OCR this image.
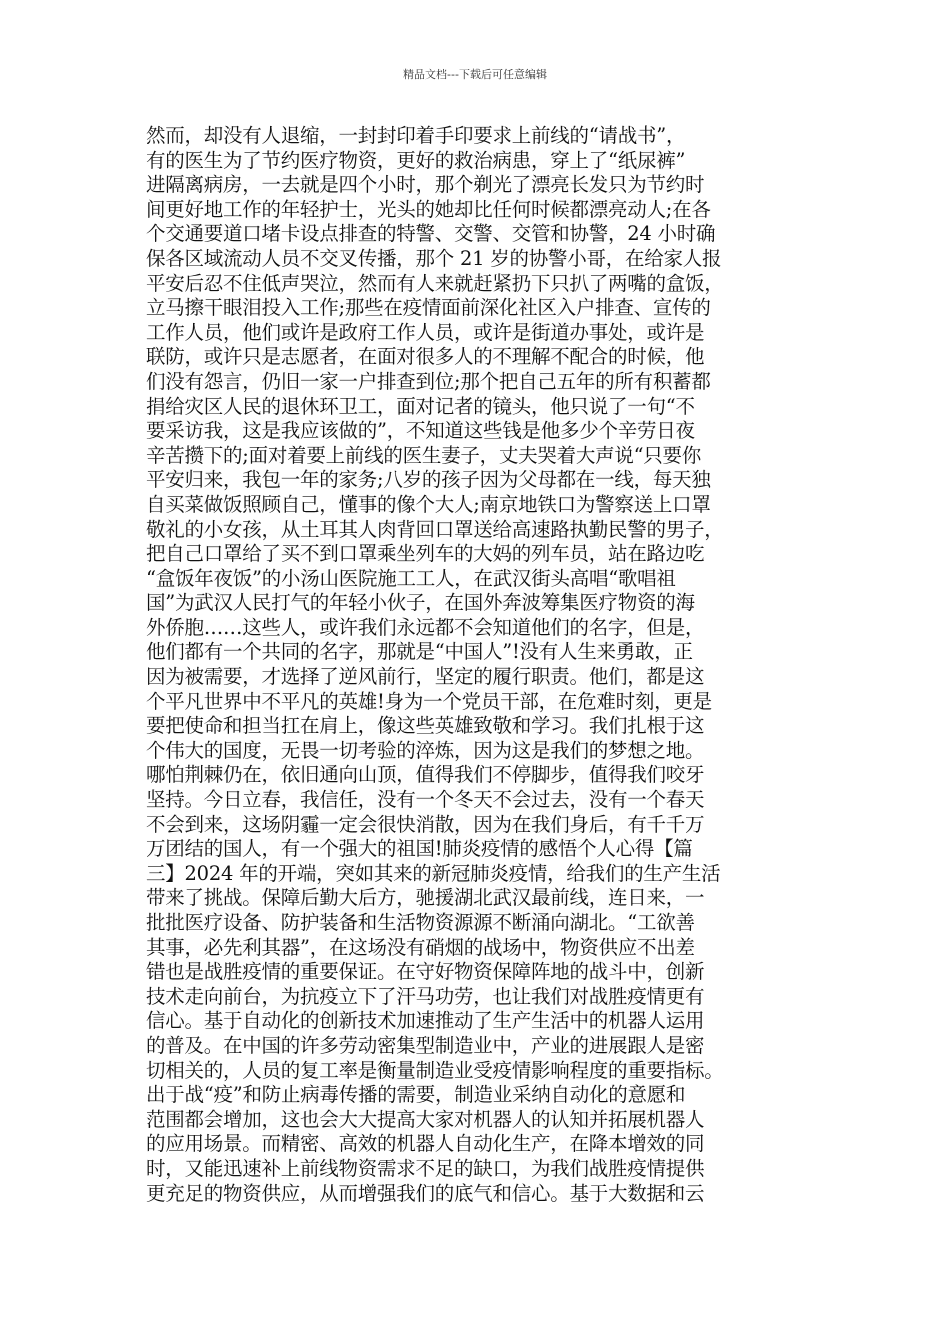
精品文档---下载后可任意编辑
然而，却没有人退缩，一封封印着手印要求上前线的“请战书”，
有的医生为了节约医疗物资，更好的救治病患，穿上了“纸尿裤”
进隔离病房，一去就是四个小时，那个剃光了漂亮长发只为节约时
间更好地工作的年轻护士，光头的她却比任何时候都漂亮动人;在各
个交通要道口堵卡设点排查的特警、交警、交管和协警，24 小时确
保各区域流动人员不交叉传播，那个 21 岁的协警小哥，在给家人报
平安后忍不住低声哭泣，然而有人来就赶紧扔下只扒了两嘴的盒饭，
立马擦干眼泪投入工作;那些在疫情面前深化社区入户排查、宣传的
工作人员，他们或许是政府工作人员，或许是街道办事处，或许是
联防，或许只是志愿者，在面对很多人的不理解不配合的时候，他
们没有怨言，仍旧一家一户排查到位;那个把自己五年的所有积蓄都
捐给灾区人民的退休环卫工，面对记者的镜头，他只说了一句“不
要采访我，这是我应该做的”，不知道这些钱是他多少个辛劳日夜
辛苦攒下的;面对着要上前线的医生妻子，丈夫哭着大声说“只要你
平安归来，我包一年的家务;八岁的孩子因为父母都在一线，每天独
自买菜做饭照顾自己，懂事的像个大人;南京地铁口为警察送上口罩
敬礼的小女孩，从土耳其人肉背回口罩送给高速路执勤民警的男子，
把自己口罩给了买不到口罩乘坐列车的大妈的列车员，站在路边吃
“盒饭年夜饭”的小汤山医院施工工人，在武汉街头高唱“歌唱祖
国”为武汉人民打气的年轻小伙子，在国外奔波筹集医疗物资的海
外侨胞……这些人，或许我们永远都不会知道他们的名字，但是，
他们都有一个共同的名字，那就是“中国人”!没有人生来勇敢，正
因为被需要，才选择了逆风前行，坚定的履行职责。他们，都是这
个平凡世界中不平凡的英雄!身为一个党员干部，在危难时刻，更是
要把使命和担当扛在肩上，像这些英雄致敬和学习。我们扎根于这
个伟大的国度，无畏一切考验的淬炼，因为这是我们的梦想之地。
哪怕荆棘仍在，依旧通向山顶，值得我们不停脚步，值得我们咬牙
坚持。今日立春，我信任，没有一个冬天不会过去，没有一个春天
不会到来，这场阴霾一定会很快消散，因为在我们身后，有千千万
万团结的国人，有一个强大的祖国!肺炎疫情的感悟个人心得【篇
三】2024 年的开端，突如其来的新冠肺炎疫情，给我们的生产生活
带来了挑战。保障后勤大后方，驰援湖北武汉最前线，连日来，一
批批医疗设备、防护装备和生活物资源源不断涌向湖北。“工欲善
其事，必先利其器”，在这场没有硝烟的战场中，物资供应不出差
错也是战胜疫情的重要保证。在守好物资保障阵地的战斗中，创新
技术走向前台，为抗疫立下了汗马功劳，也让我们对战胜疫情更有
信心。基于自动化的创新技术加速推动了生产生活中的机器人运用
的普及。在中国的许多劳动密集型制造业中，产业的进展跟人是密
切相关的，人员的复工率是衡量制造业受疫情影响程度的重要指标。
出于战“疫”和防止病毒传播的需要，制造业采纳自动化的意愿和
范围都会增加，这也会大大提高大家对机器人的认知并拓展机器人
的应用场景。而精密、高效的机器人自动化生产，在降本增效的同
时，又能迅速补上前线物资需求不足的缺口，为我们战胜疫情提供
更充足的物资供应，从而增强我们的底气和信心。基于大数据和云
